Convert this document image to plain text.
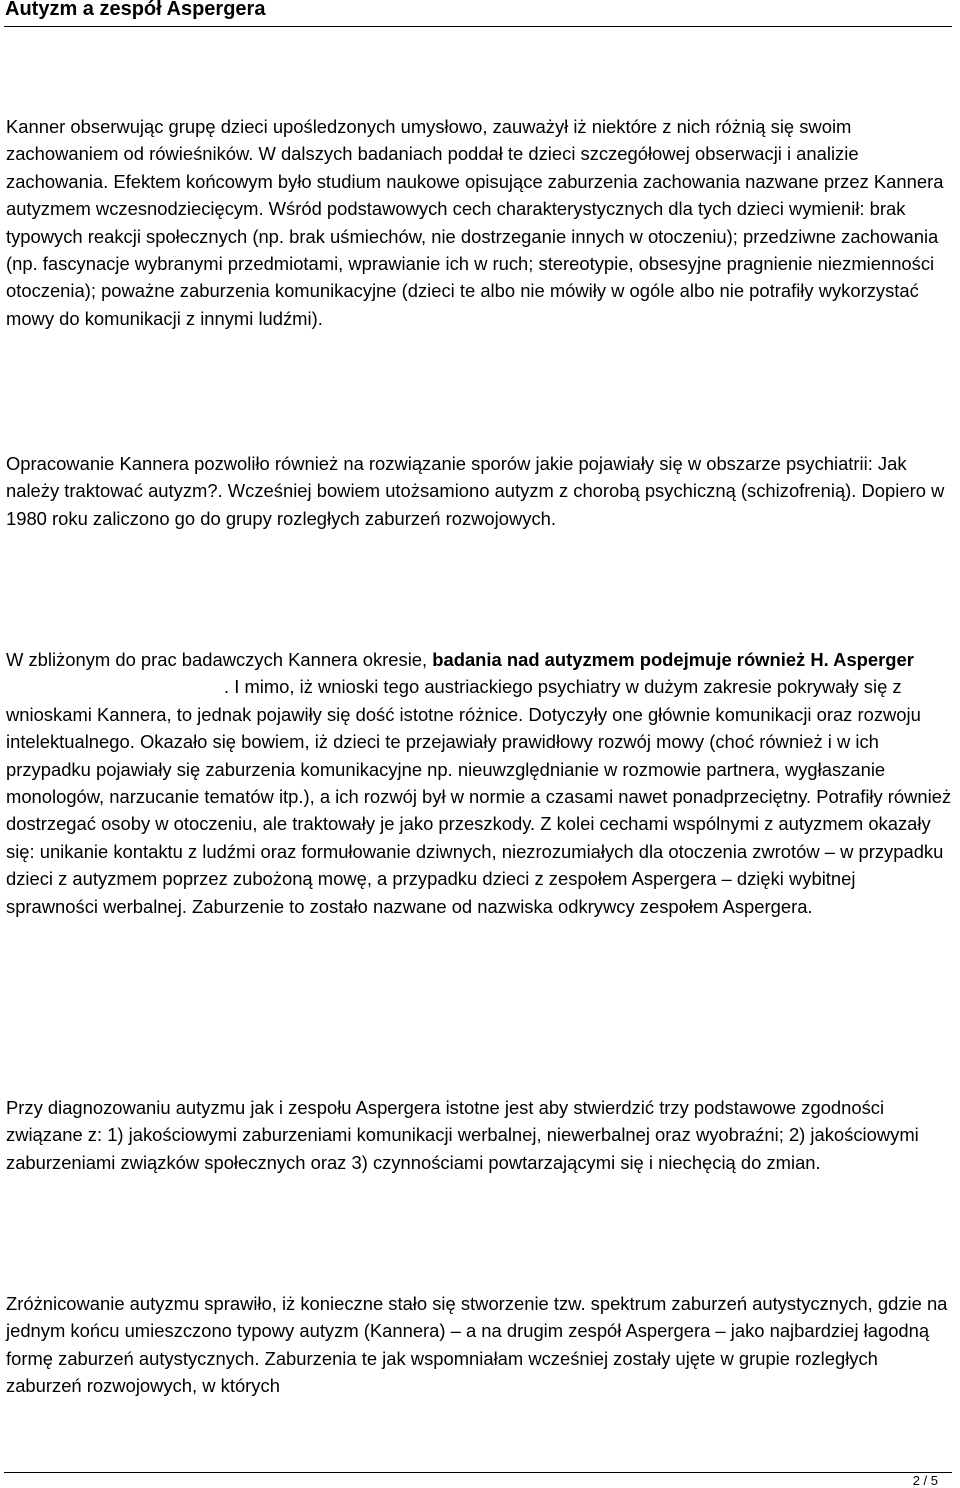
Autyzm a zespół Aspergera

Kanner obserwując grupę dzieci upośledzonych umysłowo, zauważył iż niektóre z nich różnią się swoim zachowaniem od rówieśników. W dalszych badaniach poddał te dzieci szczegółowej obserwacji i analizie zachowania. Efektem końcowym było studium naukowe opisujące zaburzenia zachowania nazwane przez Kannera autyzmem wczesnodziecięcym. Wśród podstawowych cech charakterystycznych dla tych dzieci wymienił: brak typowych reakcji społecznych (np. brak uśmiechów, nie dostrzeganie innych w otoczeniu); przedziwne zachowania (np. fascynacje wybranymi przedmiotami, wprawianie ich w ruch; stereotypie, obsesyjne pragnienie niezmienności otoczenia); poważne zaburzenia komunikacyjne (dzieci te albo nie mówiły w ogóle albo nie potrafiły wykorzystać mowy do komunikacji z innymi ludźmi).

Opracowanie Kannera pozwoliło również na rozwiązanie sporów jakie pojawiały się w obszarze psychiatrii: Jak należy traktować autyzm?. Wcześniej bowiem utożsamiono autyzm z chorobą psychiczną (schizofrenią). Dopiero w 1980 roku zaliczono go do grupy rozległych zaburzeń rozwojowych.

W zbliżonym do prac badawczych Kannera okresie, badania nad autyzmem podejmuje również H. Asperger. I mimo, iż wnioski tego austriackiego psychiatry w dużym zakresie pokrywały się z wnioskami Kannera, to jednak pojawiły się dość istotne różnice. Dotyczyły one głównie komunikacji oraz rozwoju intelektualnego. Okazało się bowiem, iż dzieci te przejawiały prawidłowy rozwój mowy (choć również i w ich przypadku pojawiały się zaburzenia komunikacyjne np. nieuwzględnianie w rozmowie partnera, wygłaszanie monologów, narzucanie tematów itp.), a ich rozwój był w normie a czasami nawet ponadprzeciętny. Potrafiły również dostrzegać osoby w otoczeniu, ale traktowały je jako przeszkody. Z kolei cechami wspólnymi z autyzmem okazały się: unikanie kontaktu z ludźmi oraz formułowanie dziwnych, niezrozumiałych dla otoczenia zwrotów – w przypadku dzieci z autyzmem poprzez zubożoną mowę, a przypadku dzieci z zespołem Aspergera – dzięki wybitnej sprawności werbalnej. Zaburzenie to zostało nazwane od nazwiska odkrywcy zespołem Aspergera.

Przy diagnozowaniu autyzmu jak i zespołu Aspergera istotne jest aby stwierdzić trzy podstawowe zgodności związane z: 1) jakościowymi zaburzeniami komunikacji werbalnej, niewerbalnej oraz wyobraźni; 2) jakościowymi zaburzeniami związków społecznych oraz 3) czynnościami powtarzającymi się i niechęcią do zmian.

Zróżnicowanie autyzmu sprawiło, iż konieczne stało się stworzenie tzw. spektrum zaburzeń autystycznych, gdzie na jednym końcu umieszczono typowy autyzm (Kannera) – a na drugim zespół Aspergera – jako najbardziej łagodną formę zaburzeń autystycznych. Zaburzenia te jak wspomniałam wcześniej zostały ujęte w grupie rozległych zaburzeń rozwojowych, w których

2 / 5
